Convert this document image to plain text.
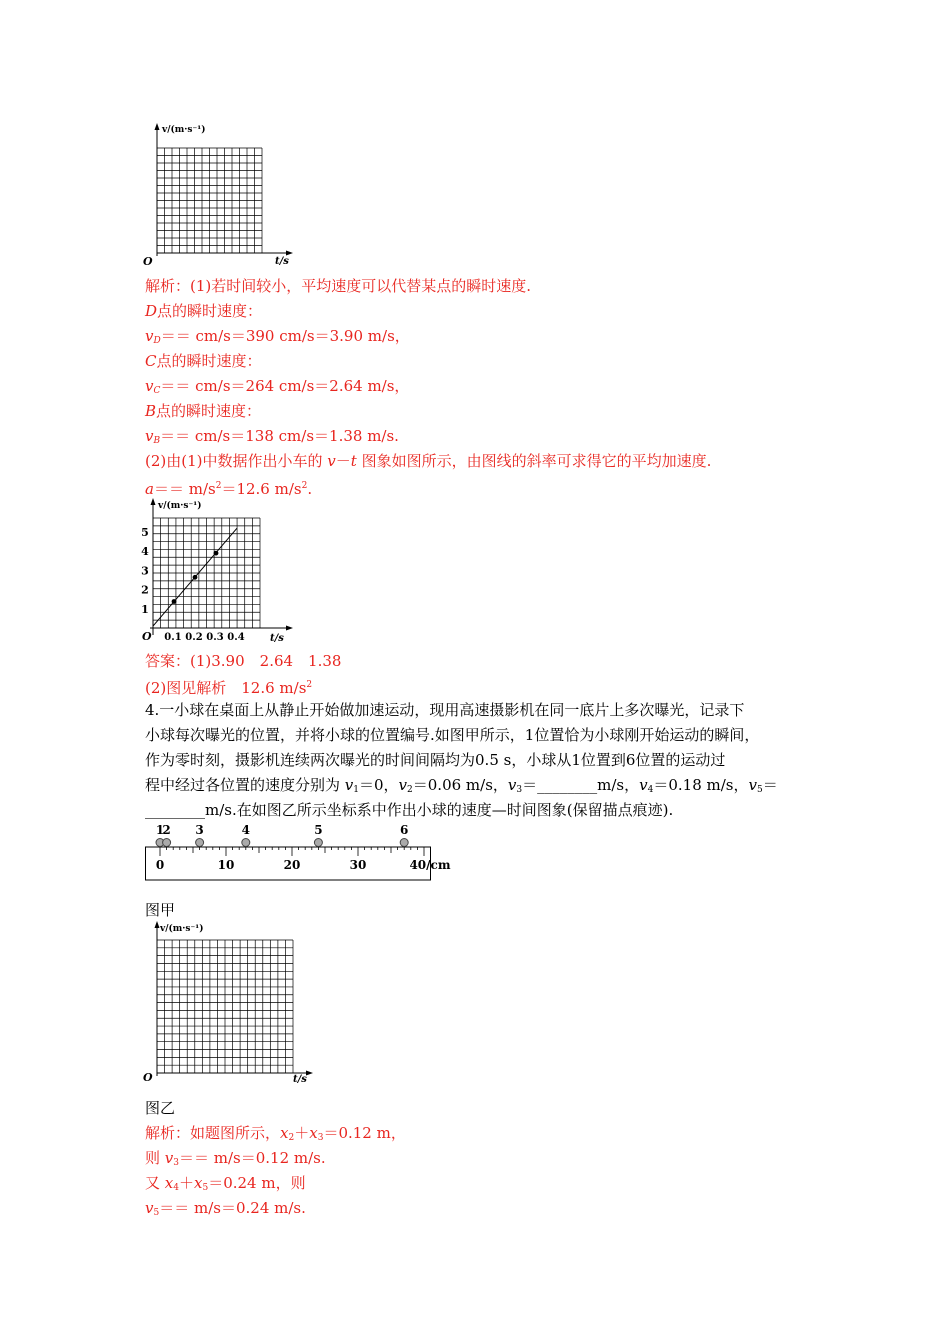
v/(m·s⁻¹)
t/s
O
解析：(1)若时间较小，平均速度可以代替某点的瞬时速度.
D点的瞬时速度：
$v_D== cm/s=390$ cm/s＝3.90 m/s，
C点的瞬时速度：
$v_C== cm/s=264$ cm/s＝2.64 m/s，
B点的瞬时速度：
$v_B== cm/s=138$ cm/s＝1.38 m/s.
(2)由(1)中数据作出小车的 v－t 图象如图所示，由图线的斜率可求得它的平均加速度.
$a== m/s^2=12.6$ $m/s^2$.
v/(m·s⁻¹)
t/s
O
1
2
3
4
5
0.1 0.2 0.3 0.4
答案：(1)3.90　2.64　1.38
(2)图见解析　12.6 $m/s^2$
4.一小球在桌面上从静止开始做加速运动，现用高速摄影机在同一底片上多次曝光，记录下
小球每次曝光的位置，并将小球的位置编号.如图甲所示，1位置恰为小球刚开始运动的瞬间，
作为零时刻，摄影机连续两次曝光的时间间隔均为0.5 s，小球从1位置到6位置的运动过
程中经过各位置的速度分别为 $v_1=0$，$v_2=0.06$ m/s，$v_3=\_\_\_\_\_\_\_\_m/s$，$v_4=0.18$ m/s，$v_5=$
________m/s.在如图乙所示坐标系中作出小球的速度—时间图象(保留描点痕迹).
1
2 3	4	5	6
0	10	20	30	40/cm
图甲
v/(m·s⁻¹)
t/s
O
图乙
解析：如题图所示，$x_2+x_3=0.12$ m，
则 $v_3== m/s=0.12$ m/s.
又 $x_4+x_5=0.24$ m，则
$v_5== m/s=0.24$ m/s.
